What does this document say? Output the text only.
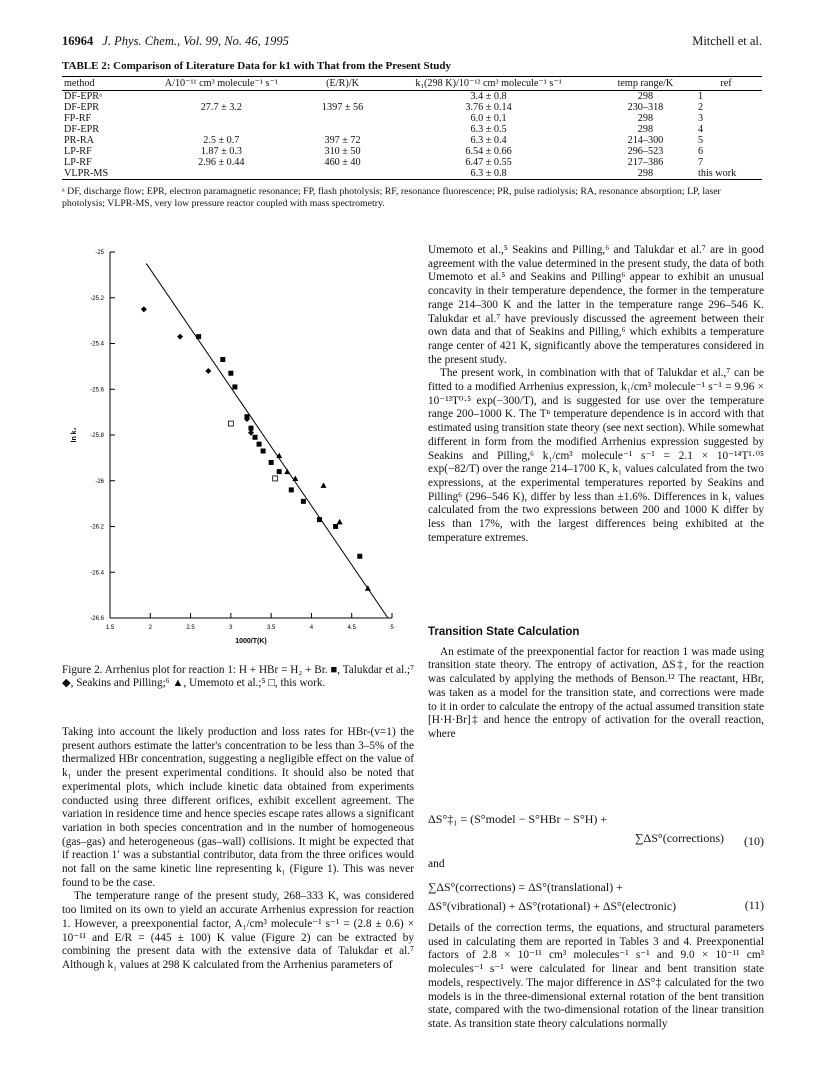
16964 J. Phys. Chem., Vol. 99, No. 46, 1995	Mitchell et al.
TABLE 2: Comparison of Literature Data for k1 with That from the Present Study
method	A/10⁻¹¹ cm³ molecule⁻¹ s⁻¹	(E/R)/K	k₁(298 K)/10⁻¹² cm³ molecule⁻¹ s⁻¹	temp range/K	ref
DF-EPRᵃ			3.4 ± 0.8	298	1
DF-EPR	27.7 ± 3.2	1397 ± 56	3.76 ± 0.14	230–318	2
FP-RF			6.0 ± 0.1	298	3
DF-EPR			6.3 ± 0.5	298	4
PR-RA	2.5 ± 0.7	397 ± 72	6.3 ± 0.4	214–300	5
LP-RF	1.87 ± 0.3	310 ± 50	6.54 ± 0.66	296–523	6
LP-RF	2.96 ± 0.44	460 ± 40	6.47 ± 0.55	217–386	7
VLPR-MS			6.3 ± 0.8	298	this work
ᵃ DF, discharge flow; EPR, electron paramagnetic resonance; FP, flash photolysis; RF, resonance fluorescence; PR, pulse radiolysis; RA, resonance absorption; LP, laser photolysis; VLPR-MS, very low pressure reactor coupled with mass spectrometry.
-25
-25.2
-25.4
-25.6
-25.8
-26
-26.2
-26.4
-26.6
1.5	2	2.5	3	3.5	4	4.5	5
1000/T(K)
ln k₁
Figure 2. Arrhenius plot for reaction 1: H + HBr = H₂ + Br. ■, Talukdar et al.;⁷ ◆, Seakins and Pilling;⁶ ▲, Umemoto et al.;⁵ □, this work.

Taking into account the likely production and loss rates for HBr-(v=1) the present authors estimate the latter's concentration to be less than 3–5% of the thermalized HBr concentration, suggesting a negligible effect on the value of k₁ under the present experimental conditions. It should also be noted that experimental plots, which include kinetic data obtained from experiments conducted using three different orifices, exhibit excellent agreement. The variation in residence time and hence species escape rates allows a significant variation in both species concentration and in the number of homogeneous (gas–gas) and heterogeneous (gas–wall) collisions. It might be expected that if reaction 1′ was a substantial contributor, data from the three orifices would not fall on the same kinetic line representing k₁ (Figure 1). This was never found to be the case.

The temperature range of the present study, 268–333 K, was considered too limited on its own to yield an accurate Arrhenius expression for reaction 1. However, a preexponential factor, A₁/cm³ molecule⁻¹ s⁻¹ = (2.8 ± 0.6) × 10⁻¹¹ and E/R = (445 ± 100) K value (Figure 2) can be extracted by combining the present data with the extensive data of Talukdar et al.⁷ Although k₁ values at 298 K calculated from the Arrhenius parameters of

Umemoto et al.,⁵ Seakins and Pilling,⁶ and Talukdar et al.⁷ are in good agreement with the value determined in the present study, the data of both Umemoto et al.⁵ and Seakins and Pilling⁶ appear to exhibit an unusual concavity in their temperature dependence, the former in the temperature range 214–300 K and the latter in the temperature range 296–546 K. Talukdar et al.⁷ have previously discussed the agreement between their own data and that of Seakins and Pilling,⁶ which exhibits a temperature range center of 421 K, significantly above the temperatures considered in the present study.

The present work, in combination with that of Talukdar et al.,⁷ can be fitted to a modified Arrhenius expression, k₁/cm³ molecule⁻¹ s⁻¹ = 9.96 × 10⁻¹³T⁰·⁵ exp(−300/T), and is suggested for use over the temperature range 200–1000 K. The Tⁿ temperature dependence is in accord with that estimated using transition state theory (see next section). While somewhat different in form from the modified Arrhenius expression suggested by Seakins and Pilling,⁶ k₁/cm³ molecule⁻¹ s⁻¹ = 2.1 × 10⁻¹⁴T¹·⁰⁵ exp(−82/T) over the range 214–1700 K, k₁ values calculated from the two expressions, at the experimental temperatures reported by Seakins and Pilling⁶ (296–546 K), differ by less than ±1.6%. Differences in k₁ values calculated from the two expressions between 200 and 1000 K differ by less than 17%, with the largest differences being exhibited at the temperature extremes.

Transition State Calculation

An estimate of the preexponential factor for reaction 1 was made using transition state theory. The entropy of activation, ΔS‡, for the reaction was calculated by applying the methods of Benson.¹² The reactant, HBr, was taken as a model for the transition state, and corrections were made to it in order to calculate the entropy of the actual assumed transition state [H·H·Br]‡ and hence the entropy of activation for the overall reaction, where

ΔS°‡₁ = (S°model − S°HBr − S°H) +
∑ΔS°(corrections)	(10)
and
∑ΔS°(corrections) = ΔS°(translational) +
ΔS°(vibrational) + ΔS°(rotational) + ΔS°(electronic)	(11)

Details of the correction terms, the equations, and structural parameters used in calculating them are reported in Tables 3 and 4. Preexponential factors of 2.8 × 10⁻¹¹ cm³ molecules⁻¹ s⁻¹ and 9.0 × 10⁻¹¹ cm³ molecules⁻¹ s⁻¹ were calculated for linear and bent transition state models, respectively. The major difference in ΔS°‡ calculated for the two models is in the three-dimensional external rotation of the bent transition state, compared with the two-dimensional rotation of the linear transition state. As transition state theory calculations normally
